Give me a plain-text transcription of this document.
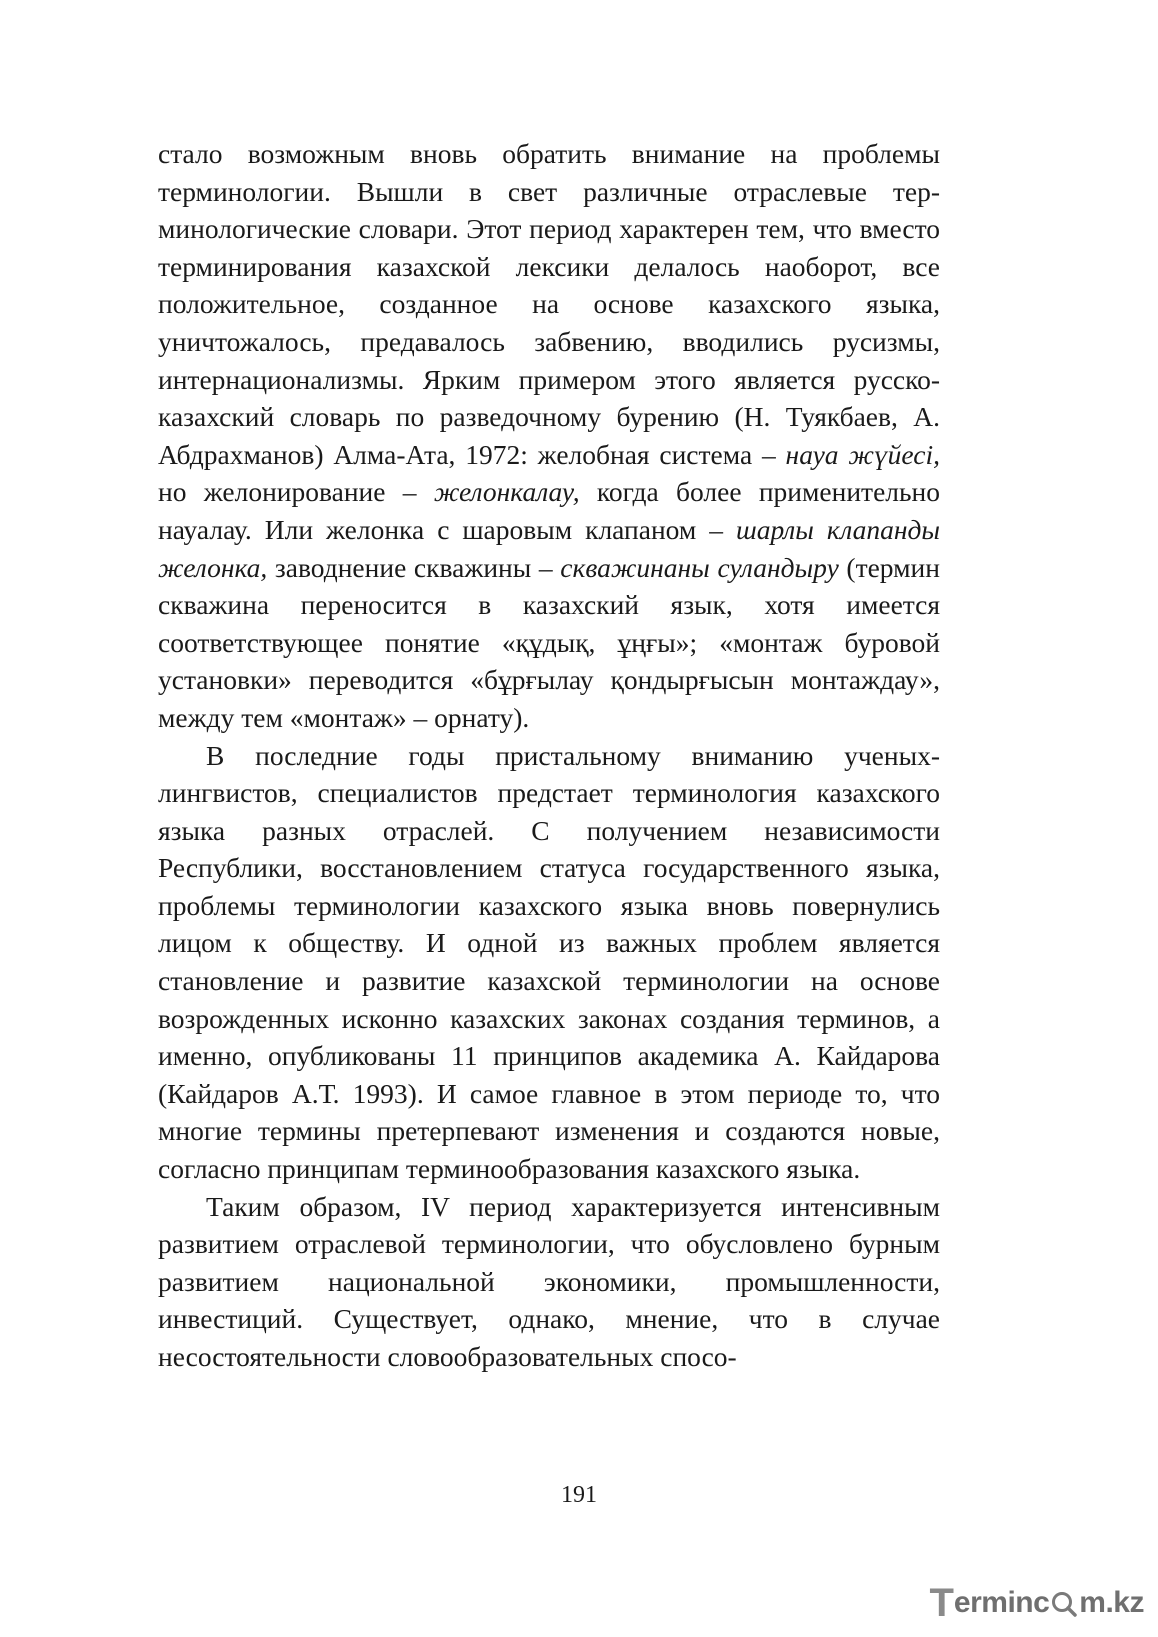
стало возможным вновь обратить внимание на проблемы терминологии. Вышли в свет различные отраслевые терминологические словари. Этот период характерен тем, что вместо терминирования казахской лексики делалось наоборот, все положительное, созданное на основе казахского языка, уничтожалось, предавалось забвению, вводились русизмы, интернационализмы. Ярким примером этого является русско-казахский словарь по разведочному бурению (Н. Туякбаев, А. Абдрахманов) Алма-Ата, 1972: желобная система – науа жүйесі, но желонирование – желонкалау, когда более применительно науалау. Или желонка с шаровым клапаном – шарлы клапанды желонка, заводнение скважины – скважинаны суландыру (термин скважина переносится в казахский язык, хотя имеется соответствующее понятие «құдық, ұңғы»; «монтаж буровой установки» переводится «бұрғылау қондырғысын монтаждау», между тем «монтаж» – орнату).

В последние годы пристальному вниманию ученых-лингвистов, специалистов предстает терминология казахского языка разных отраслей. С получением независимости Республики, восстановлением статуса государственного языка, проблемы терминологии казахского языка вновь повернулись лицом к обществу. И одной из важных проблем является становление и развитие казахской терминологии на основе возрожденных исконно казахских законах создания терминов, а именно, опубликованы 11 принципов академика А. Кайдарова (Кайдаров А.Т. 1993). И самое главное в этом периоде то, что многие термины претерпевают изменения и создаются новые, согласно принципам терминообразования казахского языка.

Таким образом, IV период характеризуется интенсивным развитием отраслевой терминологии, что обусловлено бурным развитием национальной экономики, промышленности, инвестиций. Существует, однако, мнение, что в случае несостоятельности словообразовательных спосо-

191
T erminc m.kz
